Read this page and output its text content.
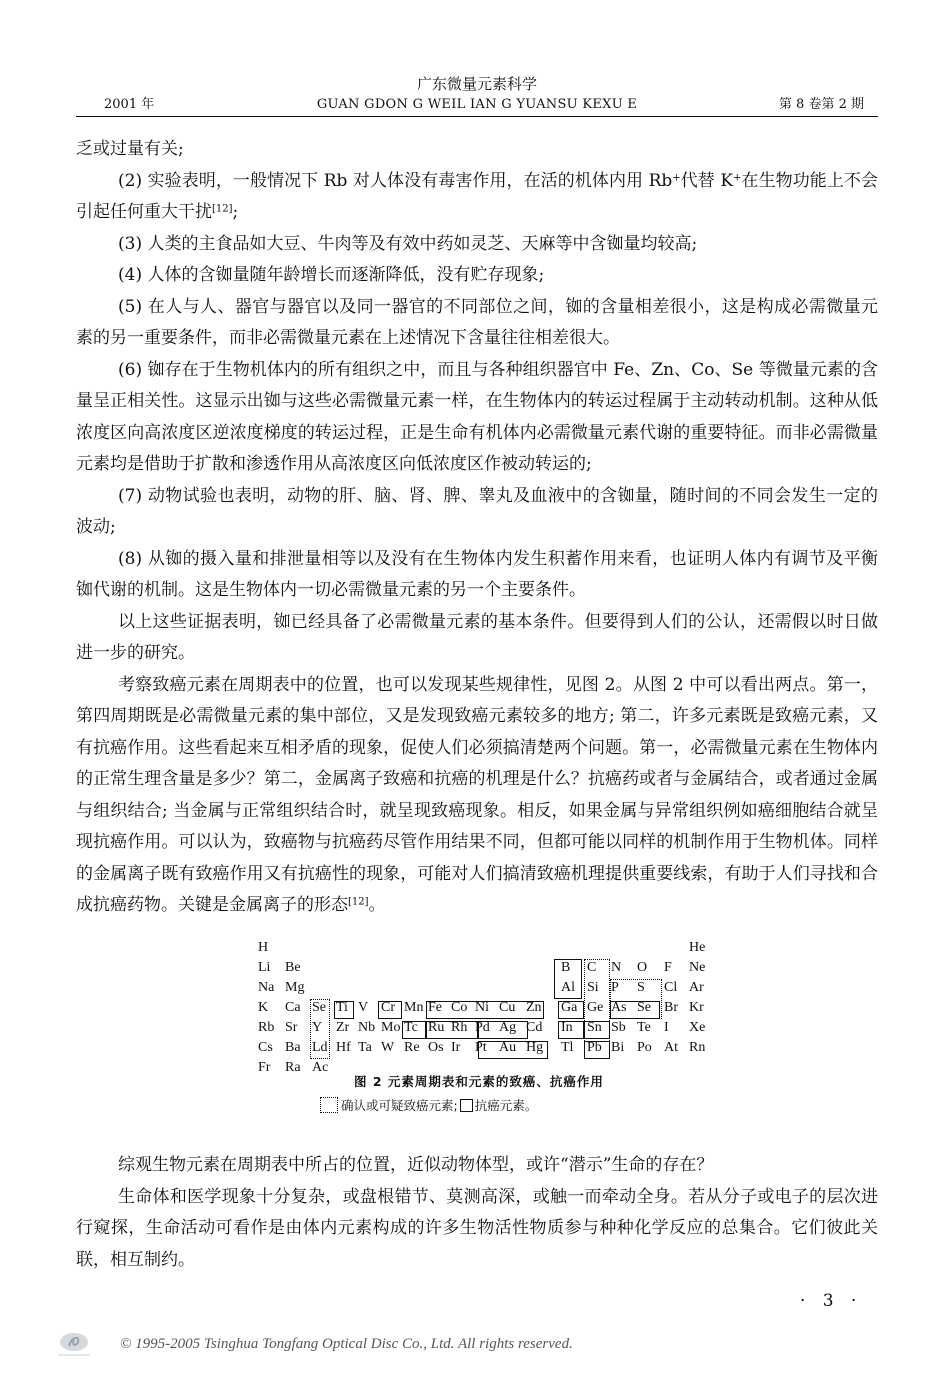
广东微量元素科学
2001 年	GUAN GDON G WEIL IAN G YUANSU KEXU E	第 8 卷第 2 期

乏或过量有关;

(2) 实验表明，一般情况下 Rb 对人体没有毒害作用，在活的机体内用 Rb+代替 K+在生物功能上不会引起任何重大干扰[12];

(3) 人类的主食品如大豆、牛肉等及有效中药如灵芝、天麻等中含铷量均较高;

(4) 人体的含铷量随年龄增长而逐渐降低，没有贮存现象;

(5) 在人与人、器官与器官以及同一器官的不同部位之间，铷的含量相差很小，这是构成必需微量元素的另一重要条件，而非必需微量元素在上述情况下含量往往相差很大。

(6) 铷存在于生物机体内的所有组织之中，而且与各种组织器官中 Fe、Zn、Co、Se 等微量元素的含量呈正相关性。这显示出铷与这些必需微量元素一样，在生物体内的转运过程属于主动转动机制。这种从低浓度区向高浓度区逆浓度梯度的转运过程，正是生命有机体内必需微量元素代谢的重要特征。而非必需微量元素均是借助于扩散和渗透作用从高浓度区向低浓度区作被动转运的;

(7) 动物试验也表明，动物的肝、脑、肾、脾、睾丸及血液中的含铷量，随时间的不同会发生一定的波动;

(8) 从铷的摄入量和排泄量相等以及没有在生物体内发生积蓄作用来看，也证明人体内有调节及平衡铷代谢的机制。这是生物体内一切必需微量元素的另一个主要条件。

以上这些证据表明，铷已经具备了必需微量元素的基本条件。但要得到人们的公认，还需假以时日做进一步的研究。

考察致癌元素在周期表中的位置，也可以发现某些规律性，见图 2。从图 2 中可以看出两点。第一，第四周期既是必需微量元素的集中部位，又是发现致癌元素较多的地方; 第二，许多元素既是致癌元素，又有抗癌作用。这些看起来互相矛盾的现象，促使人们必须搞清楚两个问题。第一，必需微量元素在生物体内的正常生理含量是多少？第二，金属离子致癌和抗癌的机理是什么？抗癌药或者与金属结合，或者通过金属与组织结合; 当金属与正常组织结合时，就呈现致癌现象。相反，如果金属与异常组织例如癌细胞结合就呈现抗癌作用。可以认为，致癌物与抗癌药尽管作用结果不同，但都可能以同样的机制作用于生物机体。同样的金属离子既有致癌作用又有抗癌性的现象，可能对人们搞清致癌机理提供重要线索，有助于人们寻找和合成抗癌药物。关键是金属离子的形态[12]。

H	He
Li Be	B C N O F Ne
Na Mg	Al Si P S Cl Ar
K Ca Se Ti V Cr Mn Fe Co Ni Cu Zn Ga Ge As Se Br Kr
Rb Sr Y Zr Nb Mo Tc Ru Rh Pd Ag Cd In Sn Sb Te I Xe
Cs Ba Ld Hf Ta W Re Os Ir Pt Au Hg Tl Pb Bi Po At Rn
Fr Ra Ac
图 2 元素周期表和元素的致癌、抗癌作用
确认或可疑致癌元素; 抗癌元素。

综观生物元素在周期表中所占的位置，近似动物体型，或许“潜示”生命的存在？

生命体和医学现象十分复杂，或盘根错节、莫测高深，或触一而牵动全身。若从分子或电子的层次进行窥探，生命活动可看作是由体内元素构成的许多生物活性物质参与种种化学反应的总集合。它们彼此关联，相互制约。

· 3 ·
© 1995-2005 Tsinghua Tongfang Optical Disc Co., Ltd. All rights reserved.
